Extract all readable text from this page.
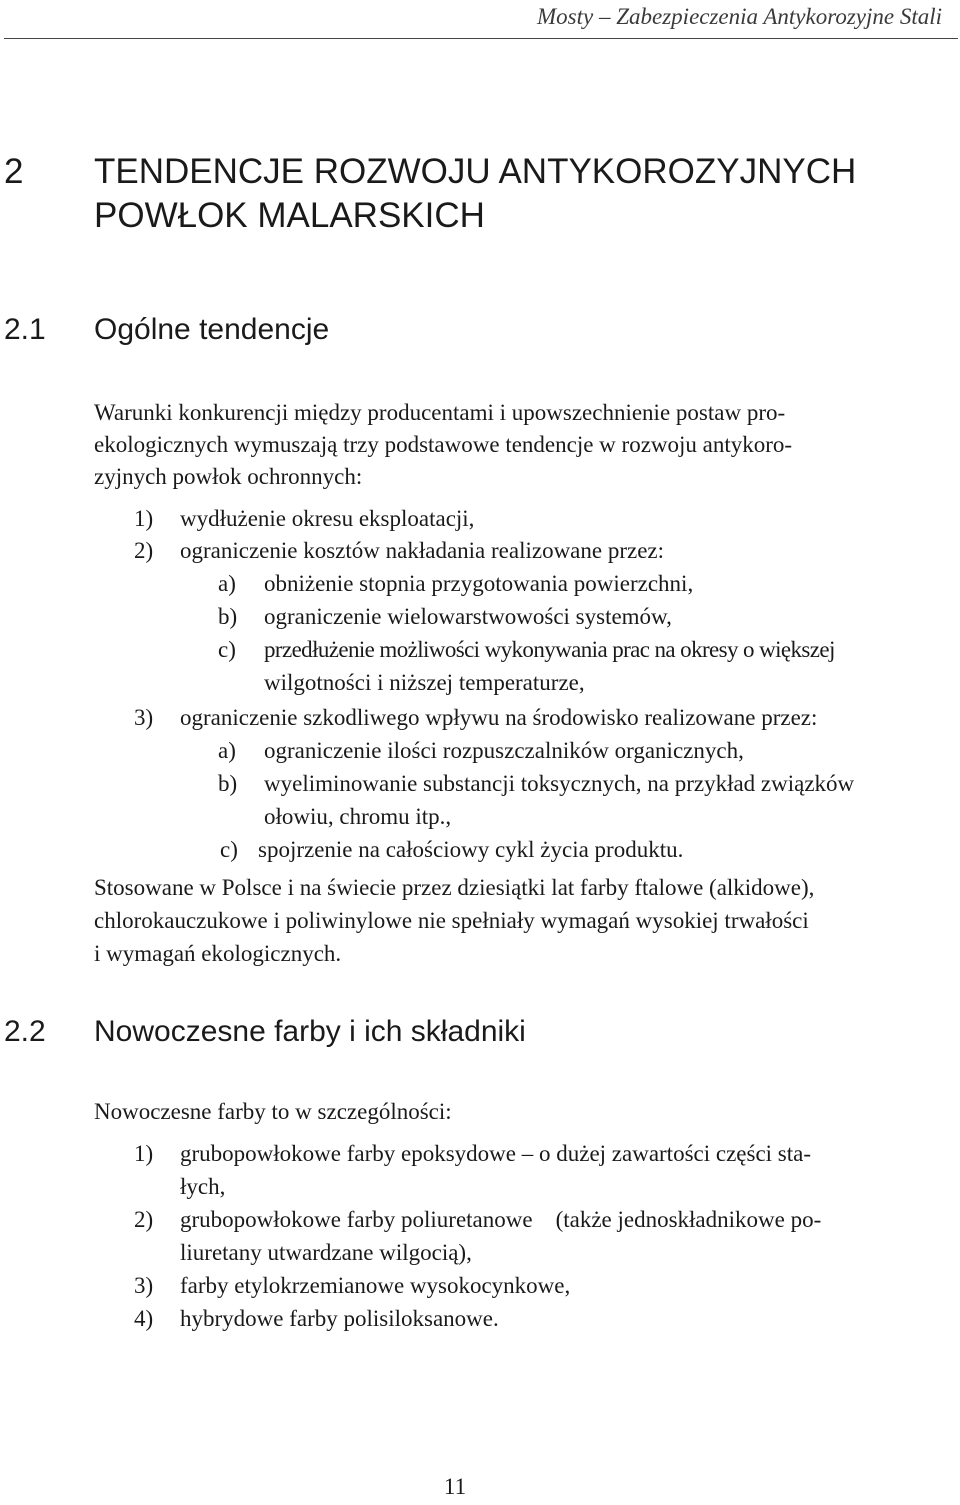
Mosty – Zabezpieczenia Antykorozyjne Stali
2 TENDENCJE ROZWOJU ANTYKOROZYJNYCH
POWŁOK MALARSKICH
2.1 Ogólne tendencje
Warunki konkurencji między producentami i upowszechnienie postaw pro-
ekologicznych wymuszają trzy podstawowe tendencje w rozwoju antykoro-
zyjnych powłok ochronnych:
1) wydłużenie okresu eksploatacji,
2) ograniczenie kosztów nakładania realizowane przez:
a) obniżenie stopnia przygotowania powierzchni,
b) ograniczenie wielowarstwowości systemów,
c) przedłużenie możliwości wykonywania prac na okresy o większej
wilgotności i niższej temperaturze,
3) ograniczenie szkodliwego wpływu na środowisko realizowane przez:
a) ograniczenie ilości rozpuszczalników organicznych,
b) wyeliminowanie substancji toksycznych, na przykład związków
ołowiu, chromu itp.,
c) spojrzenie na całościowy cykl życia produktu.
Stosowane w Polsce i na świecie przez dziesiątki lat farby ftalowe (alkidowe),
chlorokauczukowe i poliwinylowe nie spełniały wymagań wysokiej trwałości
i wymagań ekologicznych.
2.2 Nowoczesne farby i ich składniki
Nowoczesne farby to w szczególności:
1) grubopowłokowe farby epoksydowe – o dużej zawartości części sta-
łych,
2) grubopowłokowe farby poliuretanowe    (także jednoskładnikowe po-
liuretany utwardzane wilgocią),
3) farby etylokrzemianowe wysokocynkowe,
4) hybrydowe farby polisiloksanowe.
11
